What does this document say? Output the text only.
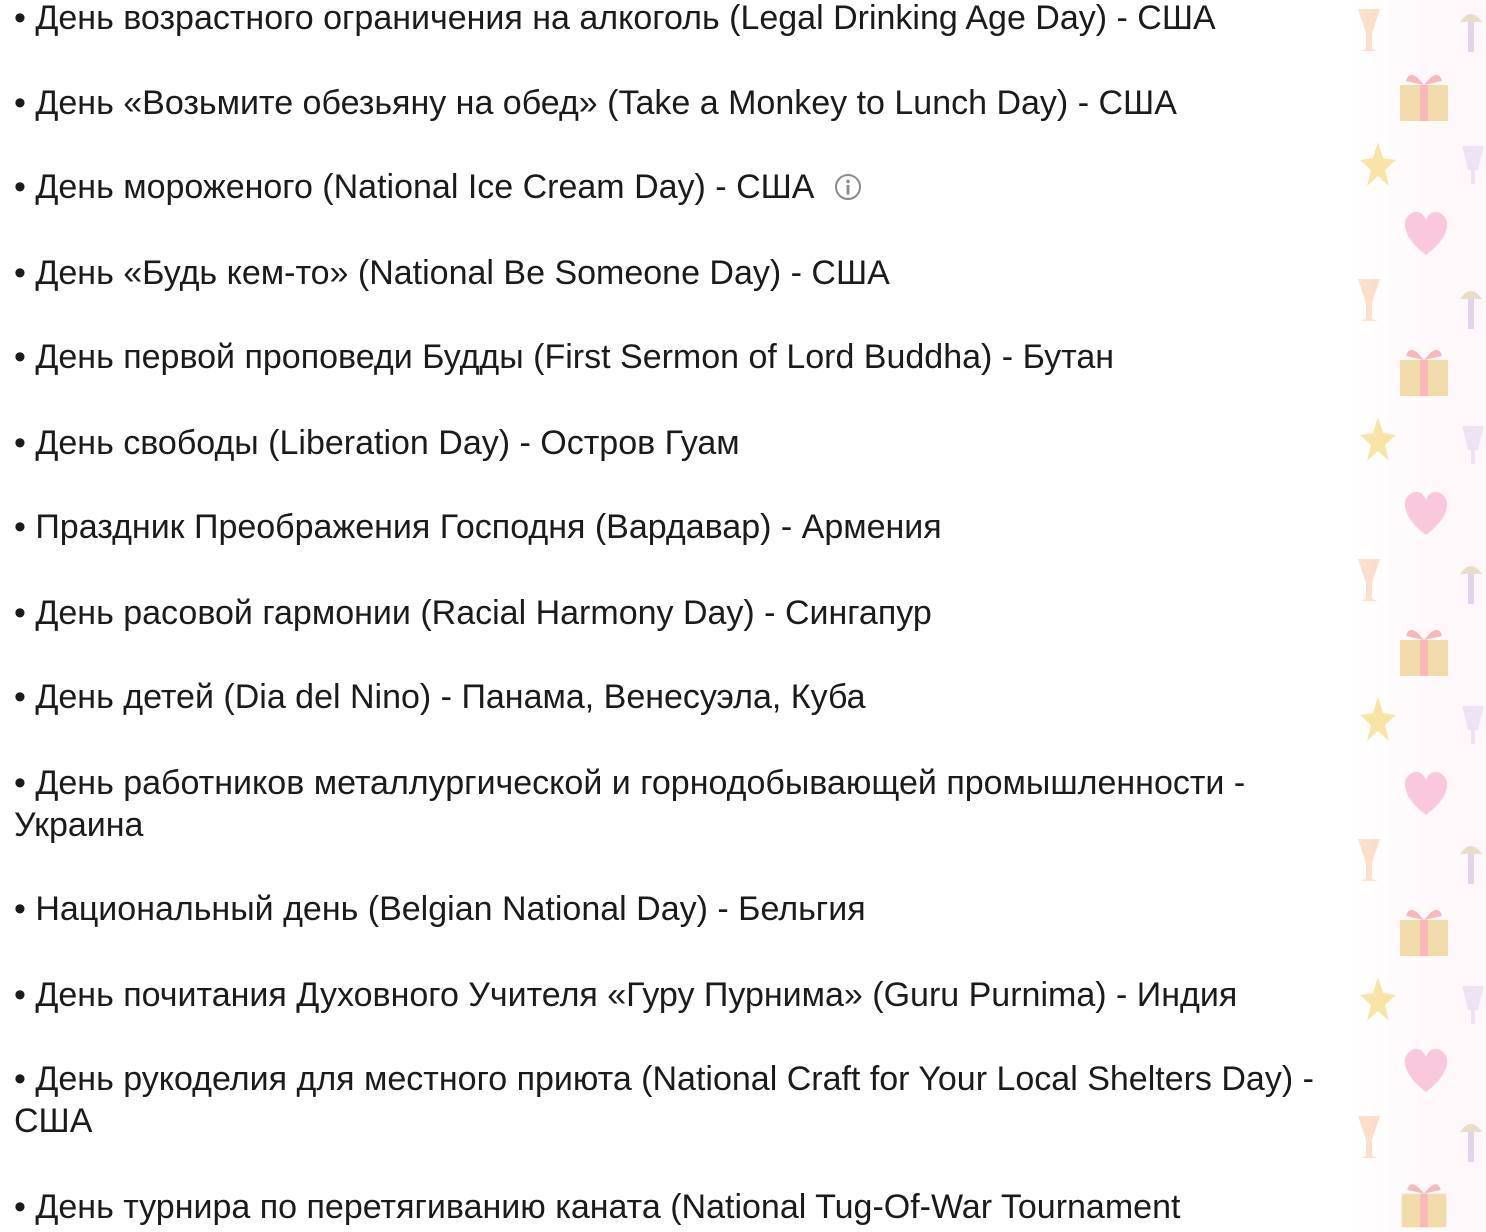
• День возрастного ограничения на алкоголь (Legal Drinking Age Day) - США

• День «Возьмите обезьяну на обед» (Take a Monkey to Lunch Day) - США

• День мороженого (National Ice Cream Day) - США

• День «Будь кем-то» (National Be Someone Day) - США

• День первой проповеди Будды (First Sermon of Lord Buddha) - Бутан

• День свободы (Liberation Day) - Остров Гуам

• Праздник Преображения Господня (Вардавар) - Армения

• День расовой гармонии (Racial Harmony Day) - Сингапур

• День детей (Dia del Nino) - Панама, Венесуэла, Куба

• День работников металлургической и горнодобывающей промышленности - Украина

• Национальный день (Belgian National Day) - Бельгия

• День почитания Духовного Учителя «Гуру Пурнима» (Guru Purnima) - Индия

• День рукоделия для местного приюта (National Craft for Your Local Shelters Day) - США

• День турнира по перетягиванию каната (National Tug-Of-War Tournament
